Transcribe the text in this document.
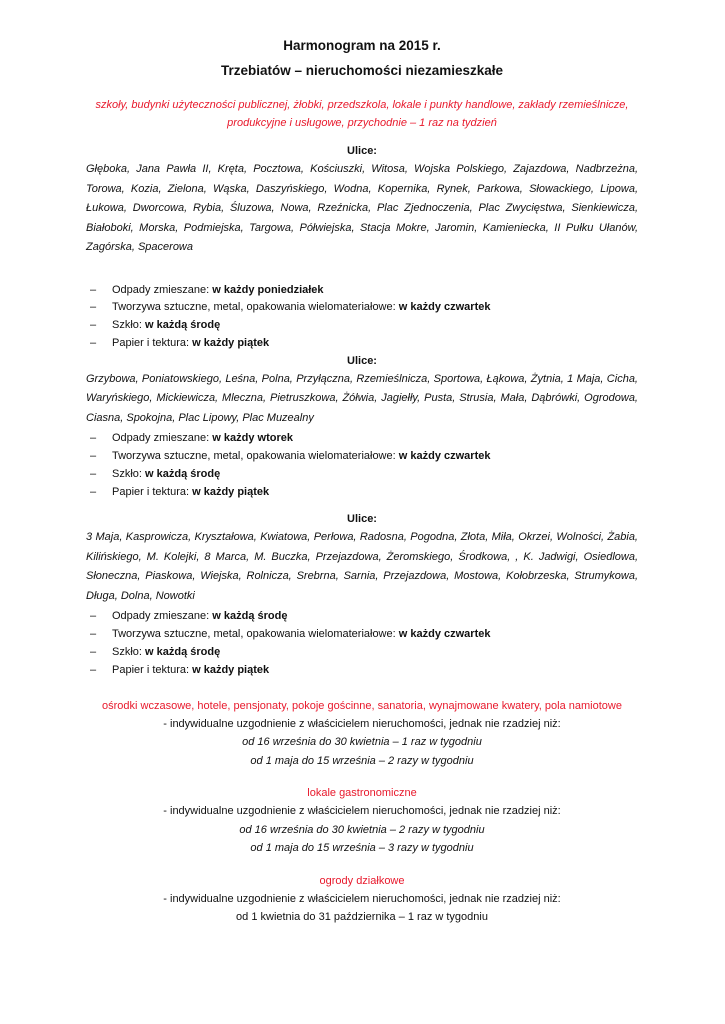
Harmonogram na 2015 r.

Trzebiatów – nieruchomości niezamieszkałe

szkoły, budynki użyteczności publicznej, żłobki, przedszkola, lokale i punkty handlowe, zakłady rzemieślnicze, produkcyjne i usługowe, przychodnie – 1 raz na tydzień

Ulice:

Głęboka, Jana Pawła II, Kręta, Pocztowa, Kościuszki, Witosa, Wojska Polskiego, Zajazdowa, Nadbrzeżna, Torowa, Kozia, Zielona, Wąska, Daszyńskiego, Wodna, Kopernika, Rynek, Parkowa, Słowackiego, Lipowa, Łukowa, Dworcowa, Rybia, Śluzowa, Nowa, Rzeźnicka, Plac Zjednoczenia, Plac Zwycięstwa, Sienkiewicza, Białoboki, Morska, Podmiejska, Targowa, Półwiejska, Stacja Mokre, Jaromin, Kamieniecka, II Pułku Ułanów, Zagórska, Spacerowa

– Odpady zmieszane: w każdy poniedziałek
– Tworzywa sztuczne, metal, opakowania wielomateriałowe: w każdy czwartek
– Szkło: w każdą środę
– Papier i tektura: w każdy piątek

Ulice:

Grzybowa, Poniatowskiego, Leśna, Polna, Przyłączna, Rzemieślnicza, Sportowa, Łąkowa, Żytnia, 1 Maja, Cicha, Waryńskiego, Mickiewicza, Mleczna, Pietruszkowa, Żółwia, Jagiełły, Pusta, Strusia, Mała, Dąbrówki, Ogrodowa, Ciasna, Spokojna, Plac Lipowy, Plac Muzealny

– Odpady zmieszane: w każdy wtorek
– Tworzywa sztuczne, metal, opakowania wielomateriałowe: w każdy czwartek
– Szkło: w każdą środę
– Papier i tektura: w każdy piątek

Ulice:

3 Maja, Kasprowicza, Kryształowa, Kwiatowa, Perłowa, Radosna, Pogodna, Złota, Miła, Okrzei, Wolności, Żabia, Kilińskiego, M. Kolejki, 8 Marca, M. Buczka, Przejazdowa, Żeromskiego, Środkowa, , K. Jadwigi, Osiedlowa, Słoneczna, Piaskowa, Wiejska, Rolnicza, Srebrna, Sarnia, Przejazdowa, Mostowa, Kołobrzeska, Strumykowa, Długa, Dolna, Nowotki

– Odpady zmieszane: w każdą środę
– Tworzywa sztuczne, metal, opakowania wielomateriałowe: w każdy czwartek
– Szkło: w każdą środę
– Papier i tektura: w każdy piątek

ośrodki wczasowe, hotele, pensjonaty, pokoje gościnne, sanatoria, wynajmowane kwatery, pola namiotowe

- indywidualne uzgodnienie z właścicielem nieruchomości, jednak nie rzadziej niż:

od 16 września do 30 kwietnia – 1 raz w tygodniu

od 1 maja do 15 września – 2 razy w tygodniu

lokale gastronomiczne

- indywidualne uzgodnienie z właścicielem nieruchomości, jednak nie rzadziej niż:

od 16 września do 30 kwietnia – 2 razy w tygodniu

od 1 maja do 15 września – 3 razy w tygodniu

ogrody działkowe

- indywidualne uzgodnienie z właścicielem nieruchomości, jednak nie rzadziej niż:

od 1 kwietnia do 31 października – 1 raz w tygodniu
